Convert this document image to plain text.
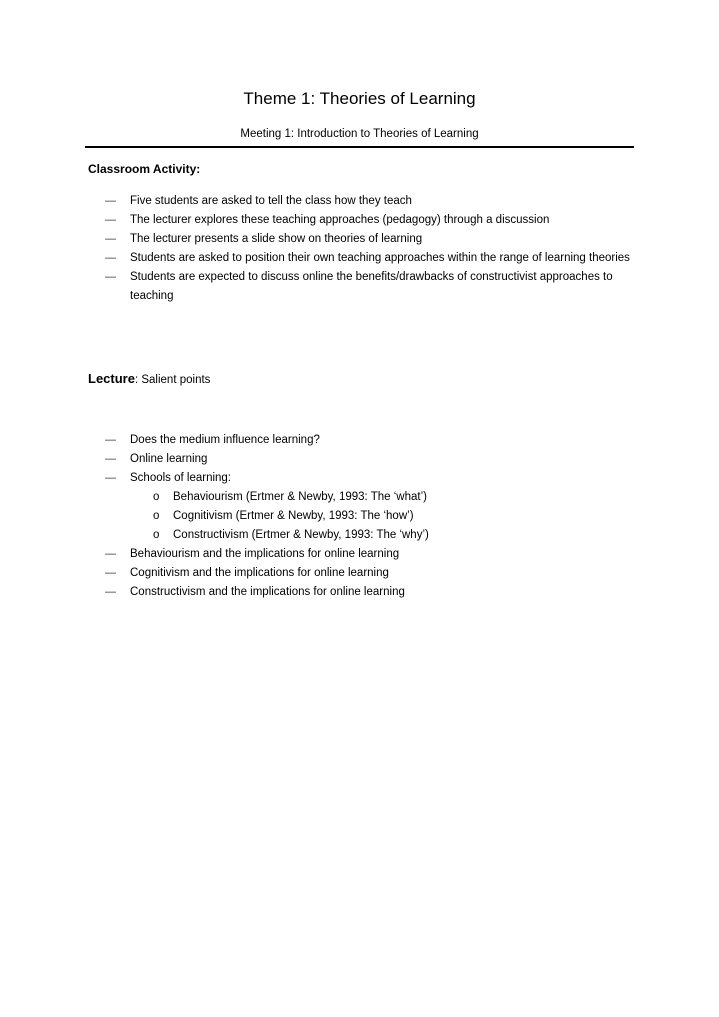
Theme 1: Theories of Learning
Meeting 1: Introduction to Theories of Learning
Classroom Activity:
— Five students are asked to tell the class how they teach
— The lecturer explores these teaching approaches (pedagogy) through a discussion
— The lecturer presents a slide show on theories of learning
— Students are asked to position their own teaching approaches within the range of learning theories
— Students are expected to discuss online the benefits/drawbacks of constructivist approaches to teaching
Lecture: Salient points
— Does the medium influence learning?
— Online learning
— Schools of learning:
o Behaviourism (Ertmer & Newby, 1993: The ‘what’)
o Cognitivism (Ertmer & Newby, 1993: The ‘how’)
o Constructivism (Ertmer & Newby, 1993: The ‘why’)
— Behaviourism and the implications for online learning
— Cognitivism and the implications for online learning
— Constructivism and the implications for online learning
